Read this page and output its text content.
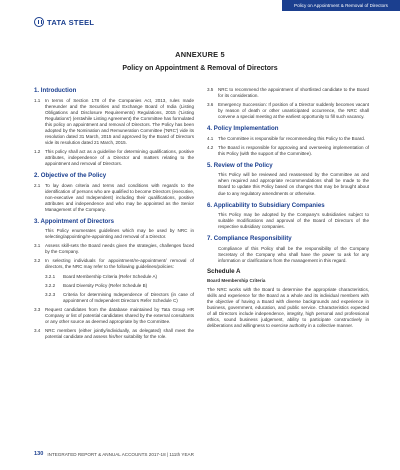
Policy on Appointment & Removal of Directors
TATA STEEL
ANNEXURE 5
Policy on Appointment & Removal of Directors
1. Introduction
1.1	In terms of Section 178 of the Companies Act, 2013, rules made thereunder and the Securities and Exchange Board of India (Listing Obligations and Disclosure Requirements) Regulations, 2015 ('Listing Regulations') (erstwhile Listing Agreement) the Committee has formulated this policy on appointment and removal of Directors. The Policy has been adopted by the Nomination and Remuneration Committee ('NRC') vide its resolution dated 31 March, 2015 and approved by the Board of Directors vide its resolution dated 21 March, 2015.
1.2	This policy shall act as a guideline for determining qualifications, positive attributes, independence of a Director and matters relating to the appointment and removal of Directors.
2. Objective of the Policy
2.1	To lay down criteria and terms and conditions with regards to the identification of persons who are qualified to become Directors (executive, non-executive and Independent) including their qualifications, positive attributes and independence and who may be appointed as the Senior Management of the Company.
3. Appointment of Directors

This Policy enumerates guidelines which may be used by NRC in selecting/appointing/re-appointing and removal of a Director.

3.1	Assess skill-sets the Board needs given the strategies, challenges faced by the Company.
3.2	In selecting individuals for appointment/re-appointment/ removal of directors, the NRC may refer to the following guidelines/policies:
3.2.1	Board Membership Criteria (Refer Schedule A)
3.2.2	Board Diversity Policy (Refer Schedule B)
3.2.3	Criteria for determining Independence of Directors (in case of appointment of Independent Directors Refer Schedule C)
3.3	Request candidates from the database maintained by Tata Group HR Company or list of potential candidates shared by the external consultants or any other source as deemed appropriate by the Committee.
3.4	NRC members (either jointly/individually, as delegated) shall meet the potential candidate and assess his/her suitability for the role.
3.5	NRC to recommend the appointment of shortlisted candidate to the Board for its consideration.
3.6	Emergency Succession: If position of a Director suddenly becomes vacant by reason of death or other unanticipated occurrence, the NRC shall convene a special meeting at the earliest opportunity to fill such vacancy.
4. Policy Implementation
4.1	The Committee is responsible for recommending this Policy to the Board.
4.2	The Board is responsible for approving and overseeing implementation of this Policy (with the support of the Committee).
5. Review of the Policy

This Policy will be reviewed and reassessed by the Committee as and when required and appropriate recommendations shall be made to the Board to update this Policy based on changes that may be brought about due to any regulatory amendments or otherwise.

6. Applicability to Subsidiary Companies

This Policy may be adopted by the Company's subsidiaries subject to suitable modifications and approval of the Board of Directors of the respective subsidiary companies.

7. Compliance Responsibility

Compliance of this Policy shall be the responsibility of the Company Secretary of the Company who shall have the power to ask for any information or clarifications from the management in this regard.

Schedule A
Board Membership Criteria

The NRC works with the Board to determine the appropriate characteristics, skills and experience for the Board as a whole and its individual members with the objective of having a Board with diverse backgrounds and experience in business, government, education, and public service. Characteristics expected of all Directors include independence, integrity, high personal and professional ethics, sound business judgement, ability to participate constructively in deliberations and willingness to exercise authority in a collective manner.

130 INTEGRATED REPORT & ANNUAL ACCOUNTS 2017-18 | 111th YEAR
